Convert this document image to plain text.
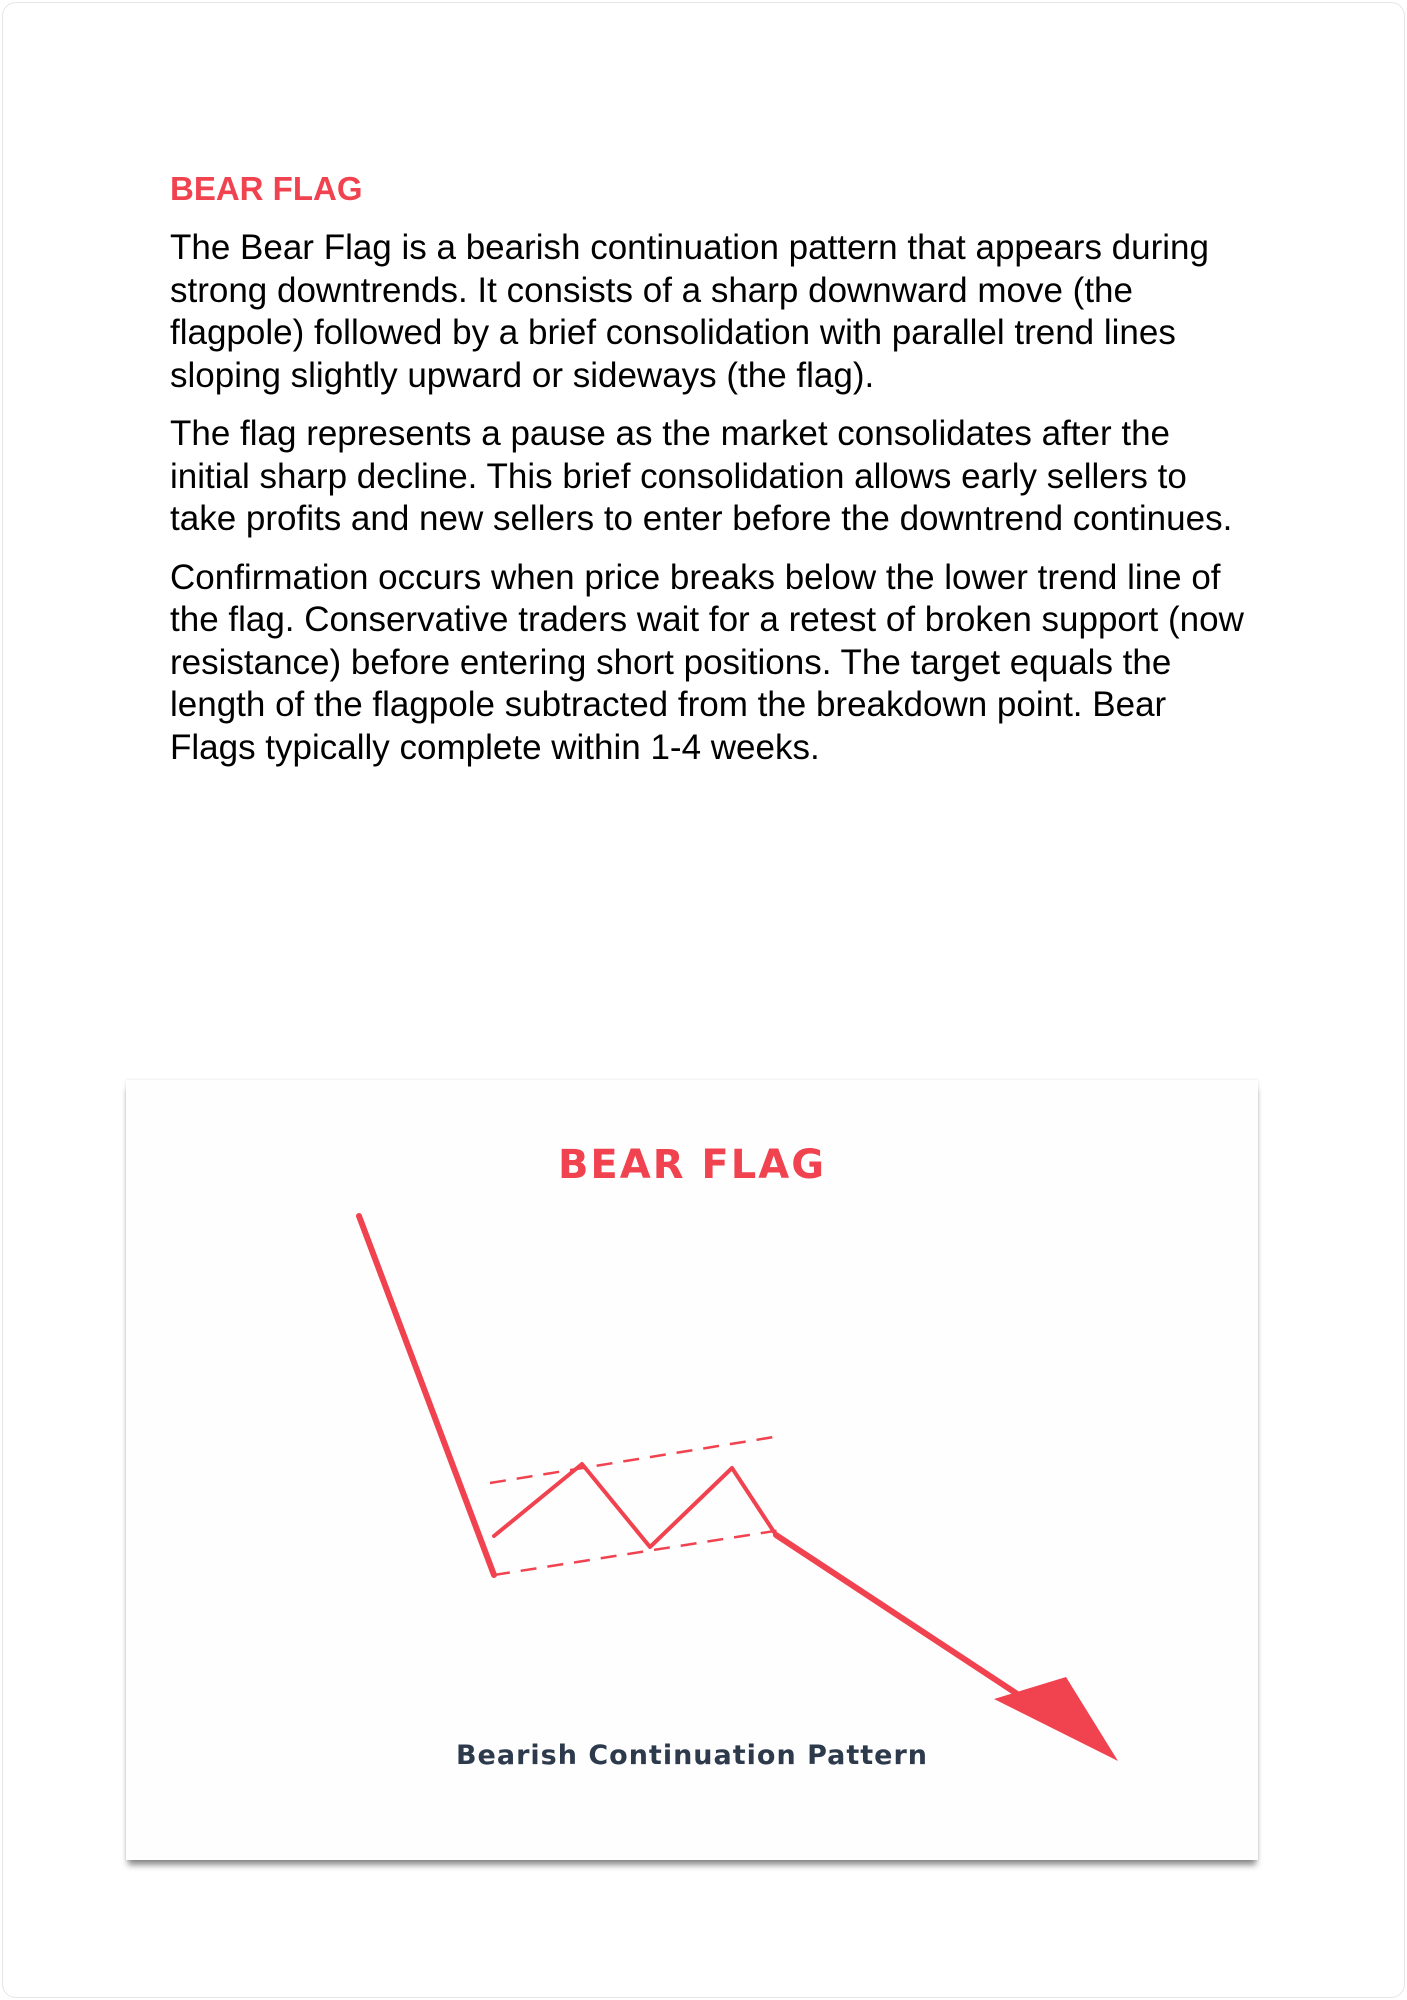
BEAR FLAG

The Bear Flag is a bearish continuation pattern that appears during strong downtrends. It consists of a sharp downward move (the flagpole) followed by a brief consolidation with parallel trend lines sloping slightly upward or sideways (the flag).

The flag represents a pause as the market consolidates after the initial sharp decline. This brief consolidation allows early sellers to take profits and new sellers to enter before the downtrend continues.

Confirmation occurs when price breaks below the lower trend line of the flag. Conservative traders wait for a retest of broken support (now resistance) before entering short positions. The target equals the length of the flagpole subtracted from the breakdown point. Bear Flags typically complete within 1-4 weeks.

BEAR FLAG

Bearish Continuation Pattern
